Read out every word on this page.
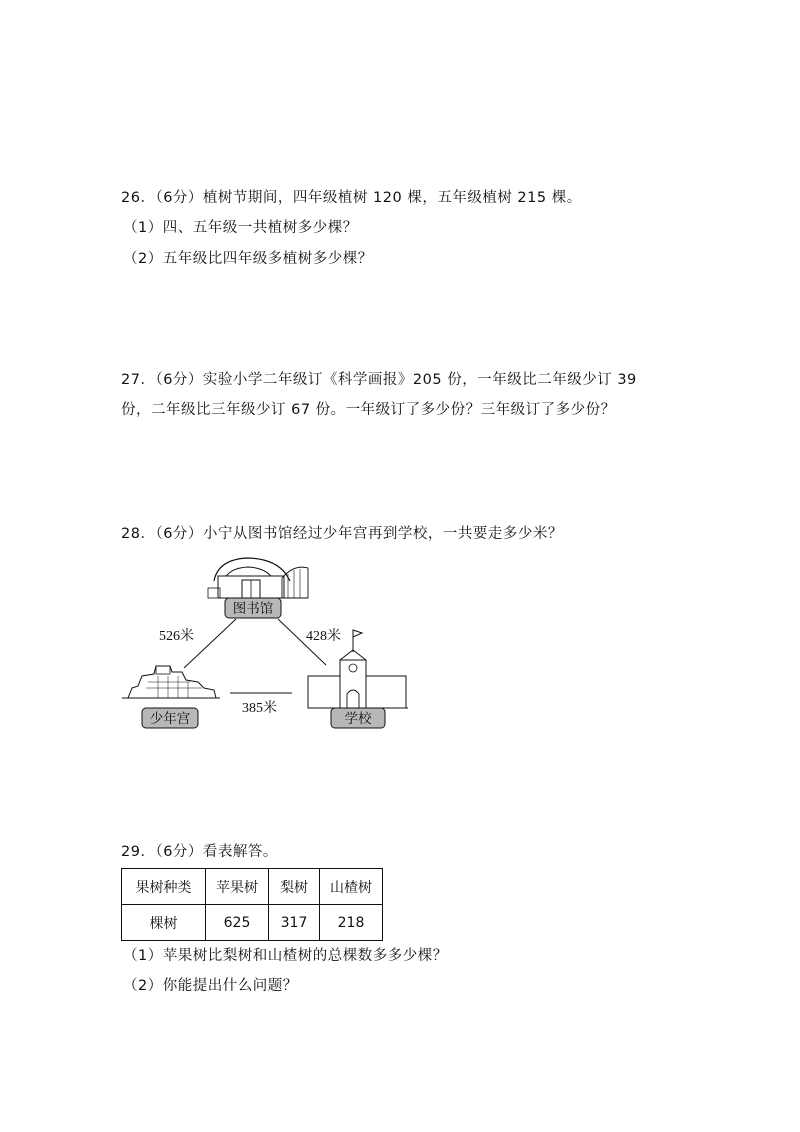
26．（6分）植树节期间，四年级植树 120 棵，五年级植树 215 棵。
（1）四、五年级一共植树多少棵？
（2）五年级比四年级多植树多少棵？
27．（6分）实验小学二年级订《科学画报》205 份，一年级比二年级少订 39
份，二年级比三年级少订 67 份。一年级订了多少份？三年级订了多少份？
28．（6分）小宁从图书馆经过少年宫再到学校，一共要走多少米？
图书馆
526米	428米
385米
少年宫	学校
29．（6分）看表解答。
果树种类	苹果树	梨树	山楂树
棵树	625	317	218
（1）苹果树比梨树和山楂树的总棵数多多少棵？
（2）你能提出什么问题？
